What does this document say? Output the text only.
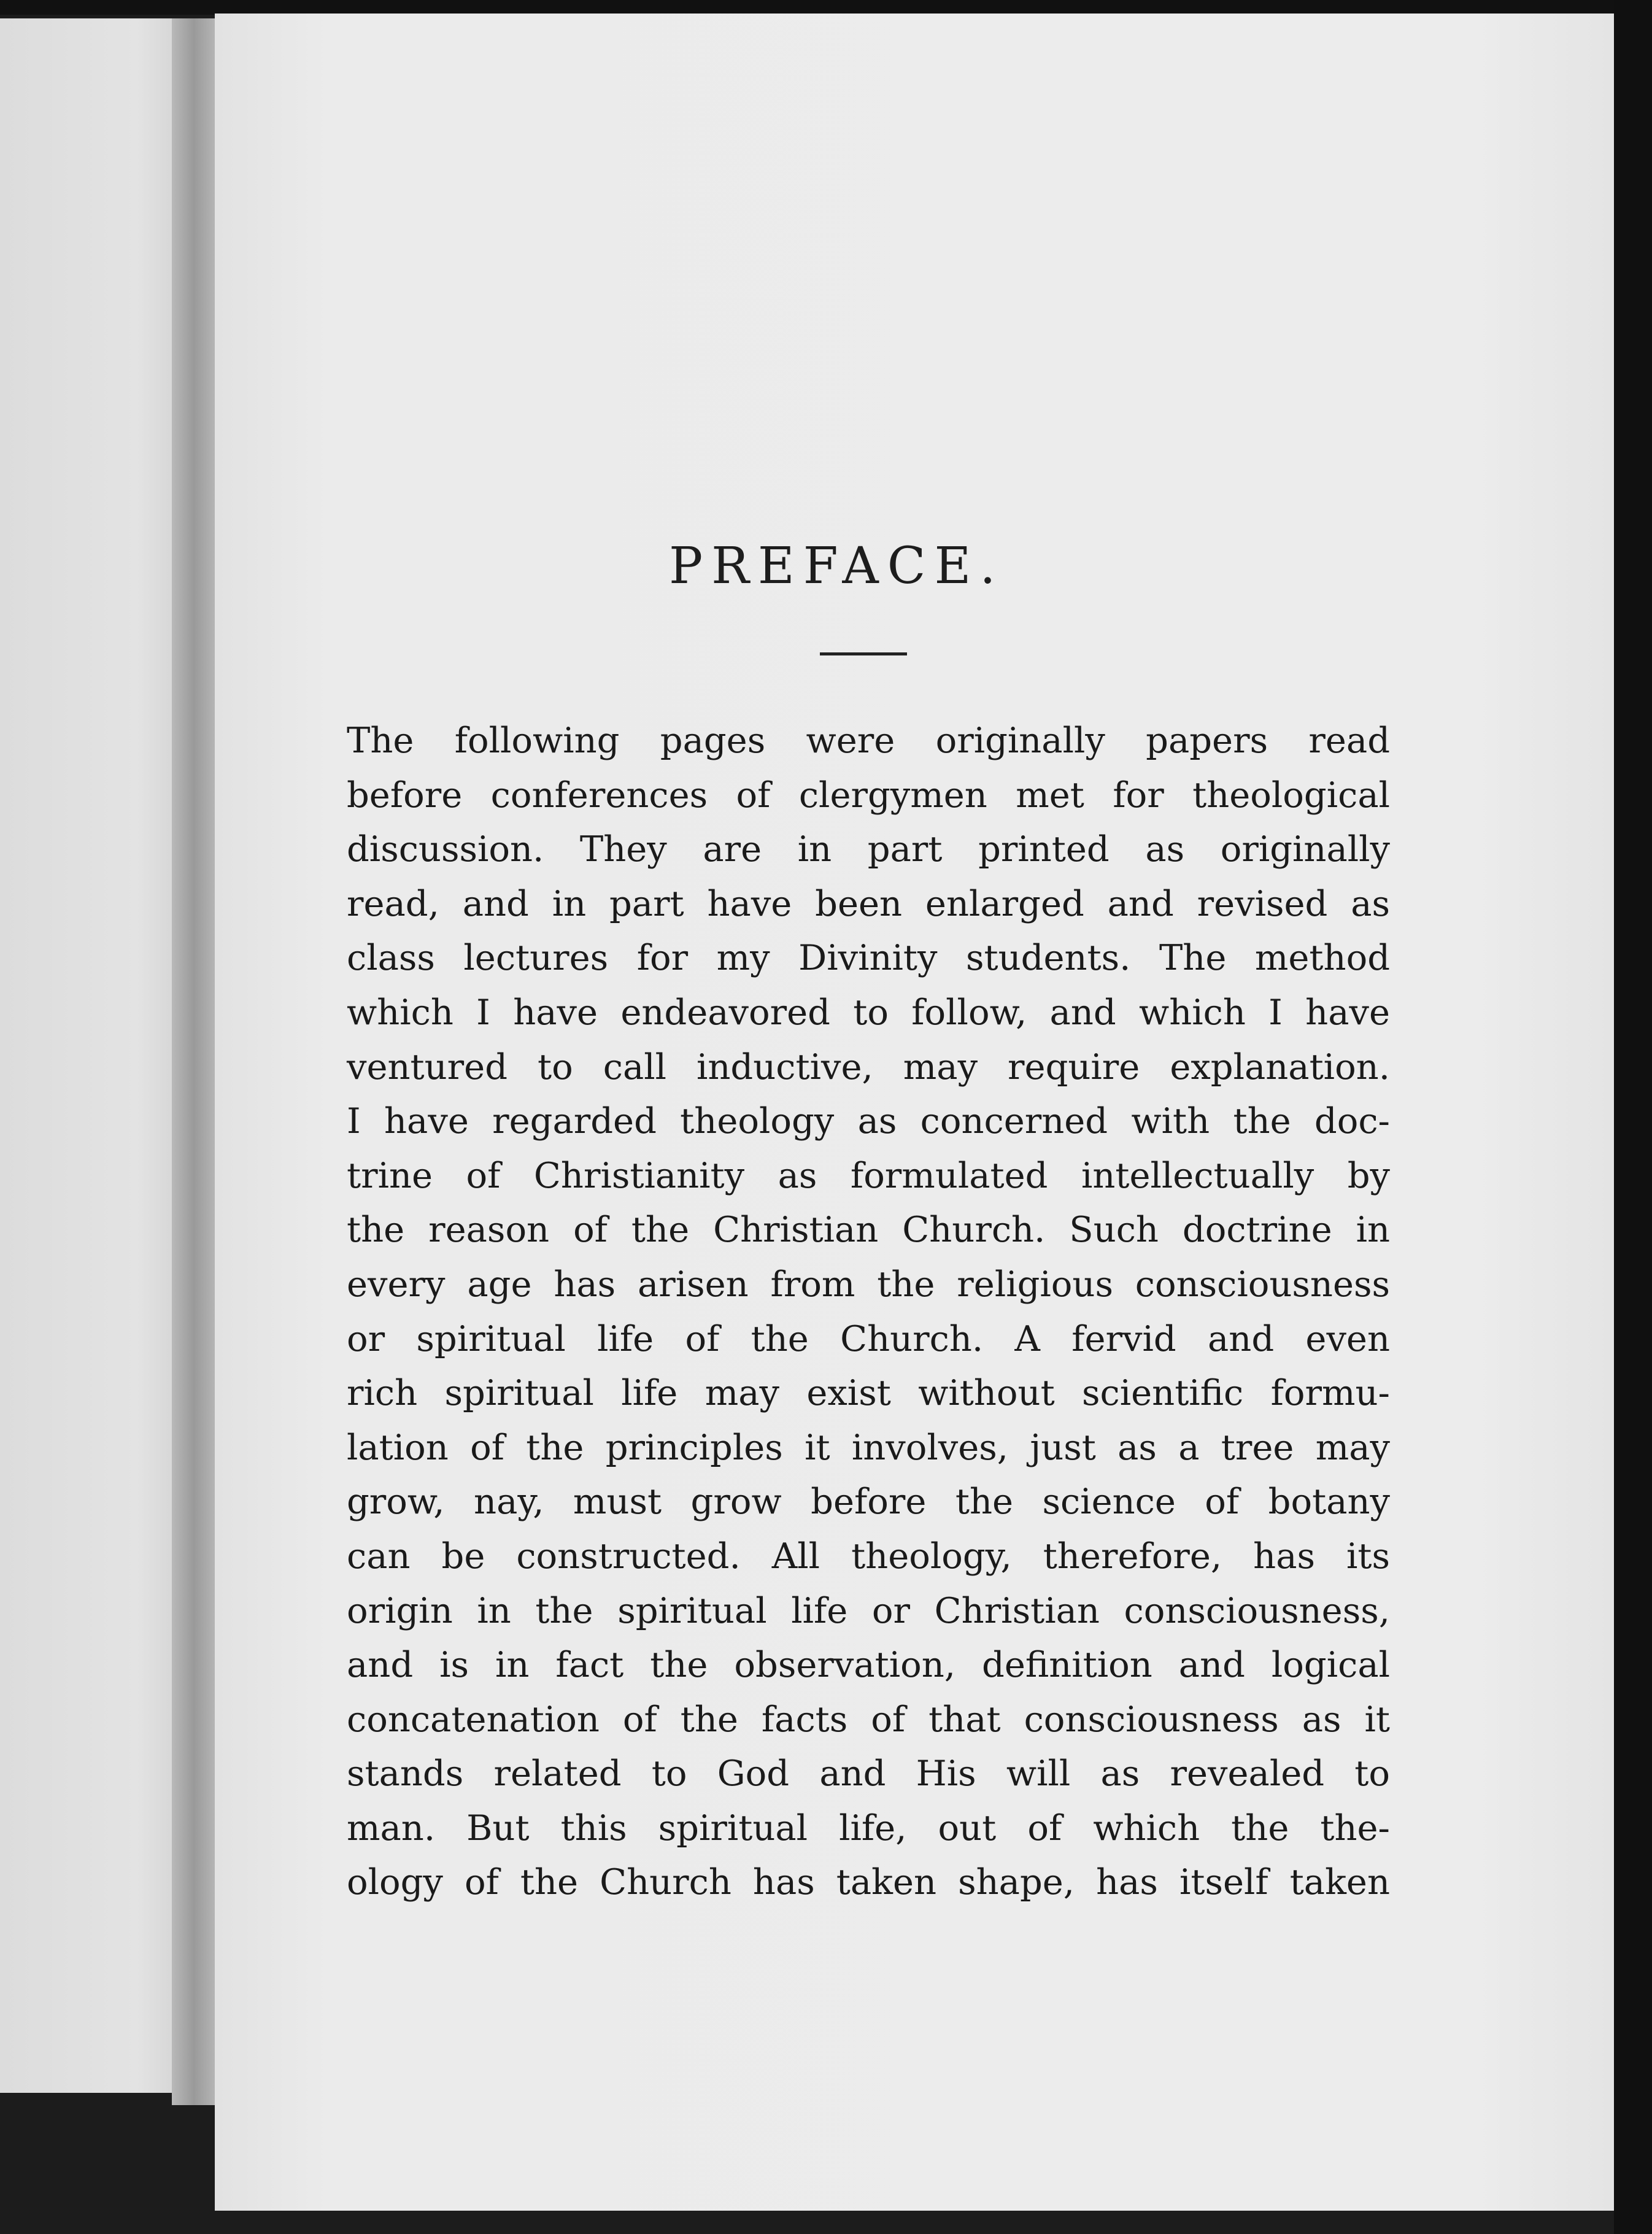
PREFACE.
The following pages were originally papers read
before conferences of clergymen met for theological
discussion. They are in part printed as originally
read, and in part have been enlarged and revised as
class lectures for my Divinity students. The method
which I have endeavored to follow, and which I have
ventured to call inductive, may require explanation.
I have regarded theology as concerned with the doc-
trine of Christianity as formulated intellectually by
the reason of the Christian Church. Such doctrine in
every age has arisen from the religious consciousness
or spiritual life of the Church. A fervid and even
rich spiritual life may exist without scientific formu-
lation of the principles it involves, just as a tree may
grow, nay, must grow before the science of botany
can be constructed. All theology, therefore, has its
origin in the spiritual life or Christian consciousness,
and is in fact the observation, definition and logical
concatenation of the facts of that consciousness as it
stands related to God and His will as revealed to
man. But this spiritual life, out of which the the-
ology of the Church has taken shape, has itself taken
